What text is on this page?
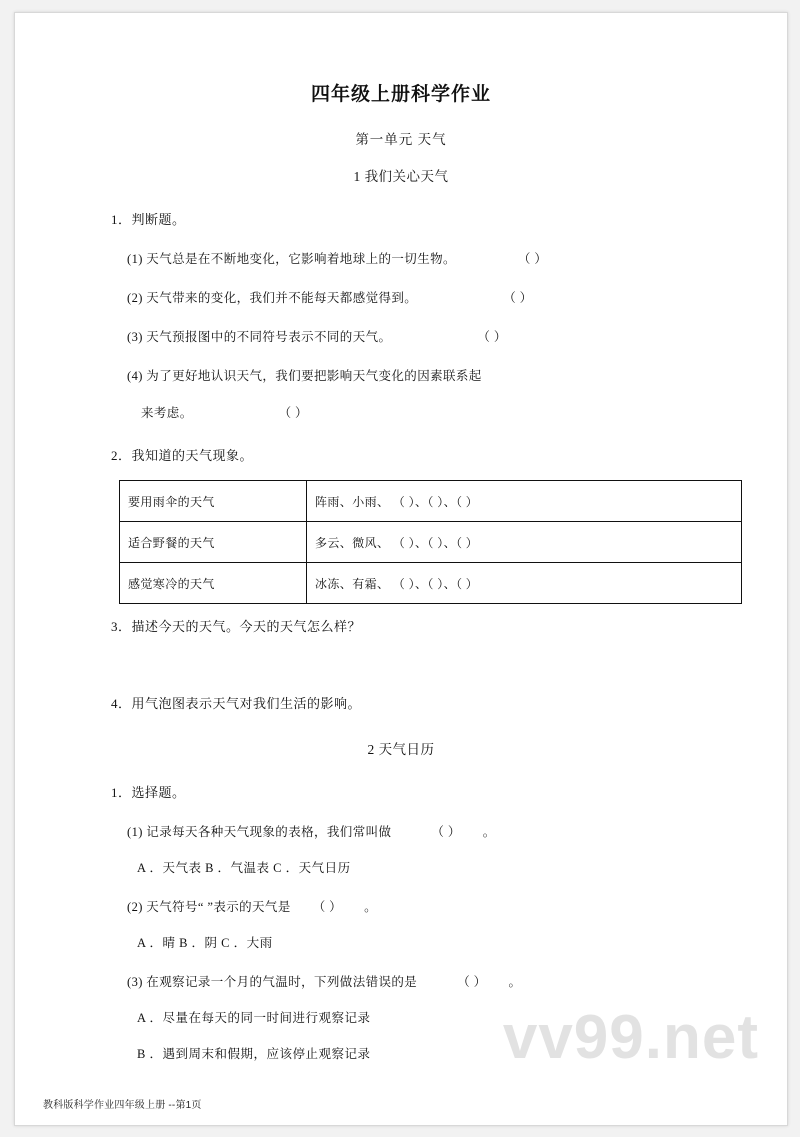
四年级上册科学作业
第一单元 天气
1 我们关心天气
1．判断题。
(1) 天气总是在不断地变化，它影响着地球上的一切生物。	（ ）
(2) 天气带来的变化，我们并不能每天都感觉得到。	（ ）
(3) 天气预报图中的不同符号表示不同的天气。	（ ）
(4) 为了更好地认识天气，我们要把影响天气变化的因素联系起
来考虑。	（ ）
2．我知道的天气现象。
要用雨伞的天气	阵雨、小雨、 （ ）、（ ）、（ ）
适合野餐的天气	多云、微风、 （ ）、（ ）、（ ）
感觉寒冷的天气	冰冻、有霜、 （ ）、（ ）、（ ）
3．描述今天的天气。今天的天气怎么样？
4．用气泡图表示天气对我们生活的影响。
2 天气日历
1．选择题。
(1) 记录每天各种天气现象的表格，我们常叫做	（ ） 。
A ．天气表 B ．气温表 C ．天气日历
(2) 天气符号“ ”表示的天气是 （ ） 。
A ．晴 B ．阴 C ．大雨
(3) 在观察记录一个月的气温时，下列做法错误的是	（ ） 。
A ．尽量在每天的同一时间进行观察记录
B ．遇到周末和假期，应该停止观察记录	vv99.net
教科版科学作业四年级上册 --第1页
